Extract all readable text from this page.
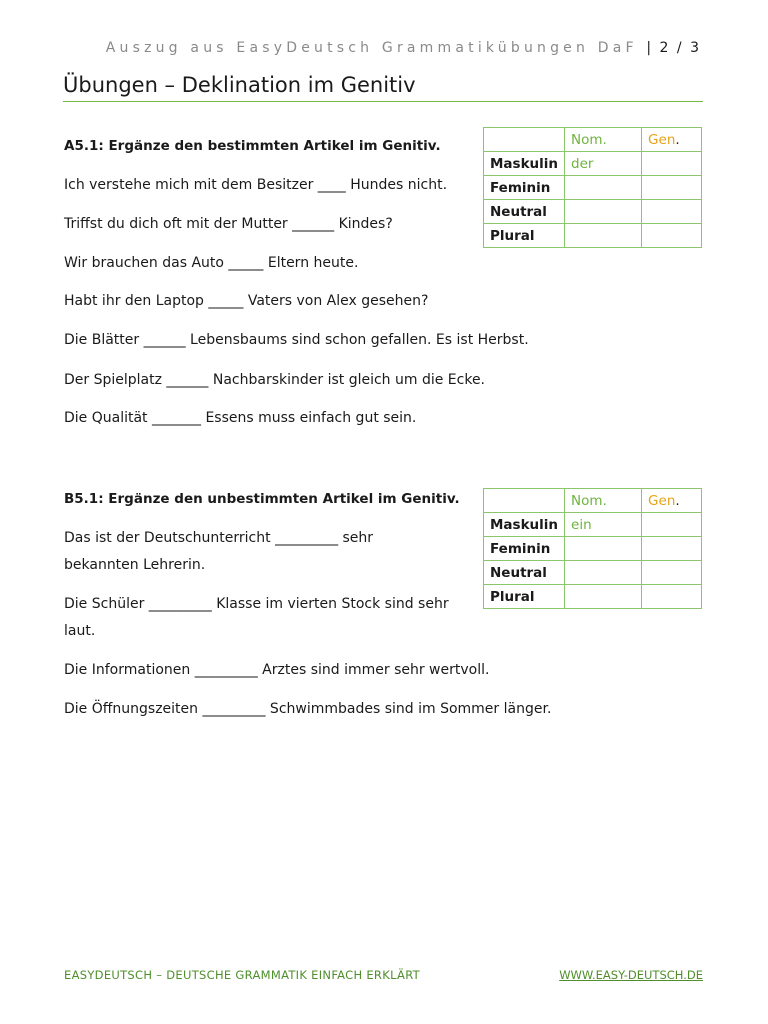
Auszug aus EasyDeutsch Grammatikübungen DaF | 2 / 3
Übungen – Deklination im Genitiv
A5.1: Ergänze den bestimmten Artikel im Genitiv.
Ich verstehe mich mit dem Besitzer ____ Hundes nicht.
Triffst du dich oft mit der Mutter ______ Kindes?
Wir brauchen das Auto _____ Eltern heute.
Habt ihr den Laptop _____ Vaters von Alex gesehen?
Die Blätter ______ Lebensbaums sind schon gefallen. Es ist Herbst.
Der Spielplatz ______ Nachbarskinder ist gleich um die Ecke.
Die Qualität _______ Essens muss einfach gut sein.
	Nom.	Gen.
Maskulin	der	
Feminin		
Neutral		
Plural		
B5.1: Ergänze den unbestimmten Artikel im Genitiv.
Das ist der Deutschunterricht _________ sehr
bekannten Lehrerin.
Die Schüler _________ Klasse im vierten Stock sind sehr
laut.
Die Informationen _________ Arztes sind immer sehr wertvoll.
Die Öffnungszeiten _________ Schwimmbades sind im Sommer länger.
	Nom.	Gen.
Maskulin	ein	
Feminin		
Neutral		
Plural		
EASYDEUTSCH – DEUTSCHE GRAMMATIK EINFACH ERKLÄRT	WWW.EASY-DEUTSCH.DE
